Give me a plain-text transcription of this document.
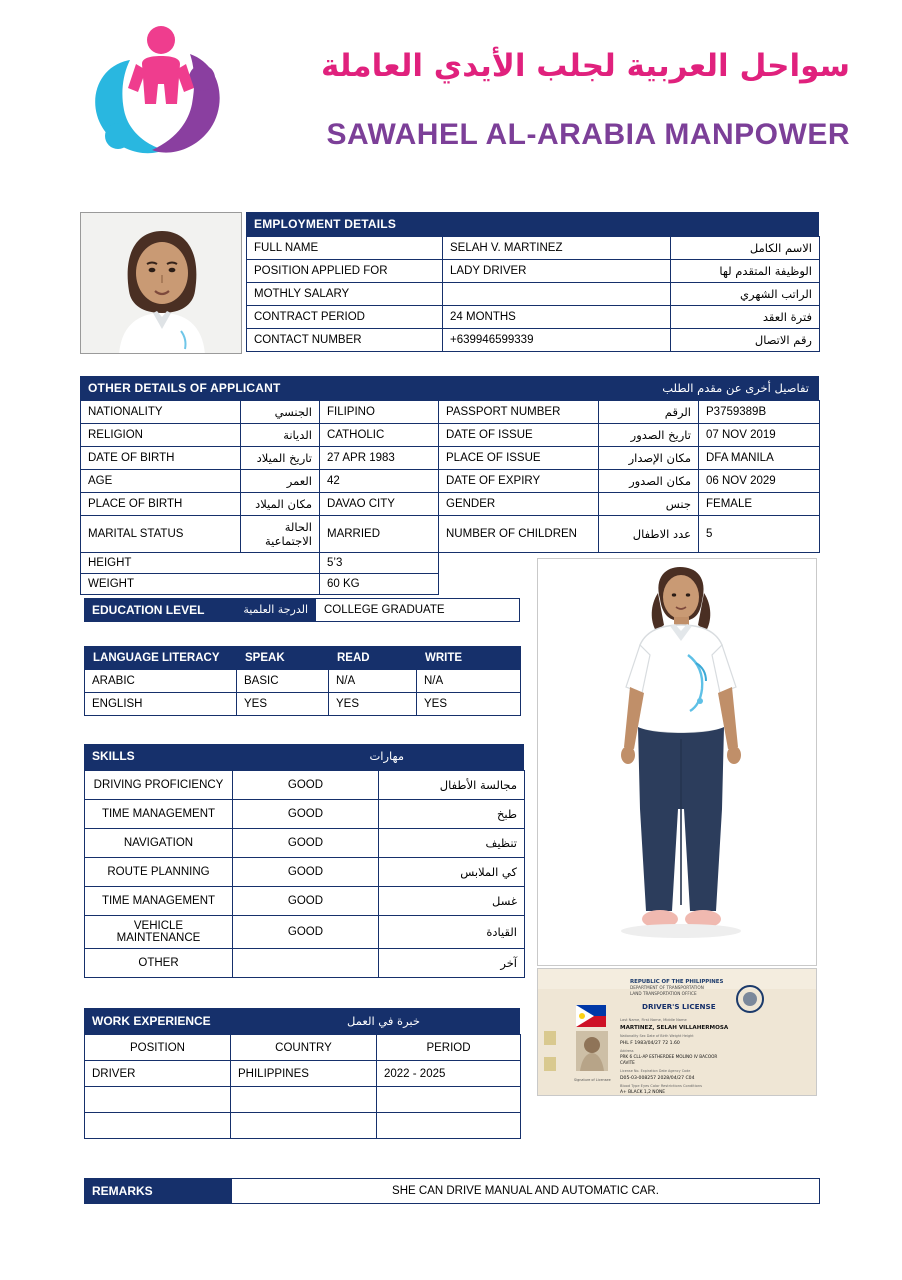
سواحل العربية لجلب الأيدي العاملة
SAWAHEL AL-ARABIA MANPOWER
EMPLOYMENT DETAILS
FULL NAME	SELAH V. MARTINEZ	الاسم الكامل
POSITION APPLIED FOR	LADY DRIVER	الوظيفة المتقدم لها
MOTHLY SALARY		الراتب الشهري
CONTRACT PERIOD	24 MONTHS	فترة العقد
CONTACT NUMBER	+639946599339	رقم الاتصال
OTHER DETAILS OF APPLICANT	تفاصيل أخرى عن مقدم الطلب
NATIONALITY	الجنسي	FILIPINO	PASSPORT NUMBER	الرقم	P3759389B
RELIGION	الديانة	CATHOLIC	DATE OF ISSUE	تاريخ الصدور	07 NOV 2019
DATE OF BIRTH	تاريخ الميلاد	27 APR 1983	PLACE OF ISSUE	مكان الإصدار	DFA MANILA
AGE	العمر	42	DATE OF EXPIRY	مكان الصدور	06 NOV 2029
PLACE OF BIRTH	مكان الميلاد	DAVAO CITY	GENDER	جنس	FEMALE
MARITAL STATUS	الحالة الاجتماعية	MARRIED	NUMBER OF CHILDREN	عدد الاطفال	5
HEIGHT		5’3			
WEIGHT		60 KG			
EDUCATION LEVEL	الدرجة العلمية	COLLEGE GRADUATE
LANGUAGE LITERACY	SPEAK	READ	WRITE
ARABIC	BASIC	N/A	N/A
ENGLISH	YES	YES	YES
SKILLS	مهارات
DRIVING PROFICIENCY	GOOD	مجالسة الأطفال
TIME MANAGEMENT	GOOD	طبخ
NAVIGATION	GOOD	تنظيف
ROUTE PLANNING	GOOD	كي الملابس
TIME MANAGEMENT	GOOD	غسل
VEHICLE MAINTENANCE	GOOD	القيادة
OTHER		آخر
WORK EXPERIENCE	خبرة في العمل
POSITION	COUNTRY	PERIOD
DRIVER	PHILIPPINES	2022 - 2025

REPUBLIC OF THE PHILIPPINES
DEPARTMENT OF TRANSPORTATION
LAND TRANSPORTATION OFFICE
DRIVER'S LICENSE
Last Name, First Name, Middle Name
MARTINEZ, SELAH VILLAHERMOSA
Nationality Sex Date of Birth Weight Height
PHL F 1983/04/27 72 1.60
Address
PRK 6 CLL-AP ESTHERDEE MOLINO IV BACOOR
CAVITE
License No. Expiration Date Agency Code
D05-03-008257 2028/04/27 C04
Blood Type Eyes Color Restrictions Conditions
A+ BLACK 1,2 NONE
Signature of Licensee
REMARKS	SHE CAN DRIVE MANUAL AND AUTOMATIC CAR.
